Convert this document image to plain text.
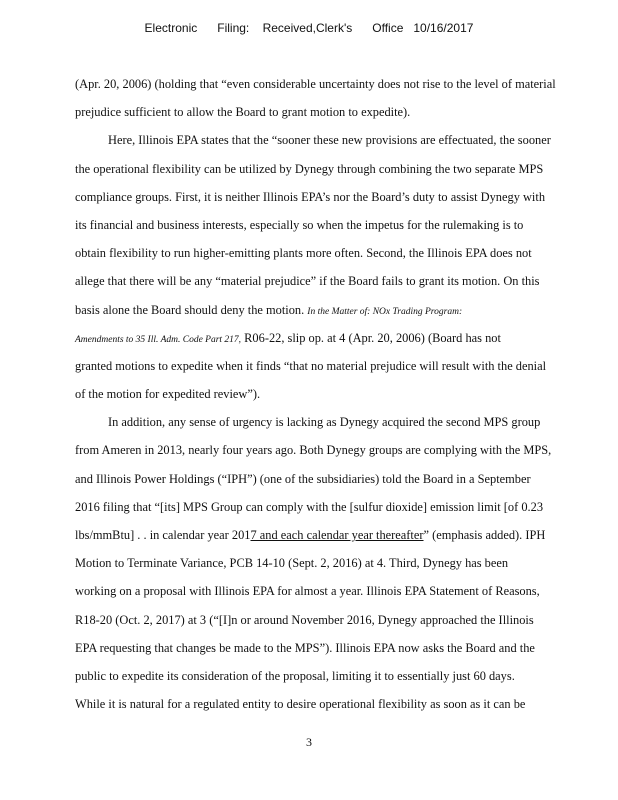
Electronic      Filing:    Received,Clerk's      Office   10/16/2017
(Apr. 20, 2006) (holding that “even considerable uncertainty does not rise to the level of material
prejudice sufficient to allow the Board to grant motion to expedite).
Here, Illinois EPA states that the “sooner these new provisions are effectuated, the sooner
the operational flexibility can be utilized by Dynegy through combining the two separate MPS
compliance groups. First, it is neither Illinois EPA’s nor the Board’s duty to assist Dynegy with
its financial and business interests, especially so when the impetus for the rulemaking is to
obtain flexibility to run higher-emitting plants more often. Second, the Illinois EPA does not
allege that there will be any “material prejudice” if the Board fails to grant its motion. On this
basis alone the Board should deny the motion. In the Matter of: NOx Trading Program:
Amendments to 35 Ill. Adm. Code Part 217, R06-22, slip op. at 4 (Apr. 20, 2006) (Board has not
granted motions to expedite when it finds “that no material prejudice will result with the denial
of the motion for expedited review”).
In addition, any sense of urgency is lacking as Dynegy acquired the second MPS group
from Ameren in 2013, nearly four years ago. Both Dynegy groups are complying with the MPS,
and Illinois Power Holdings (“IPH”) (one of the subsidiaries) told the Board in a September
2016 filing that “[its] MPS Group can comply with the [sulfur dioxide] emission limit [of 0.23
lbs/mmBtu] . . in calendar year 2017 and each calendar year thereafter” (emphasis added). IPH
Motion to Terminate Variance, PCB 14-10 (Sept. 2, 2016) at 4. Third, Dynegy has been
working on a proposal with Illinois EPA for almost a year. Illinois EPA Statement of Reasons,
R18-20 (Oct. 2, 2017) at 3 (“[I]n or around November 2016, Dynegy approached the Illinois
EPA requesting that changes be made to the MPS”). Illinois EPA now asks the Board and the
public to expedite its consideration of the proposal, limiting it to essentially just 60 days.
While it is natural for a regulated entity to desire operational flexibility as soon as it can be
3
